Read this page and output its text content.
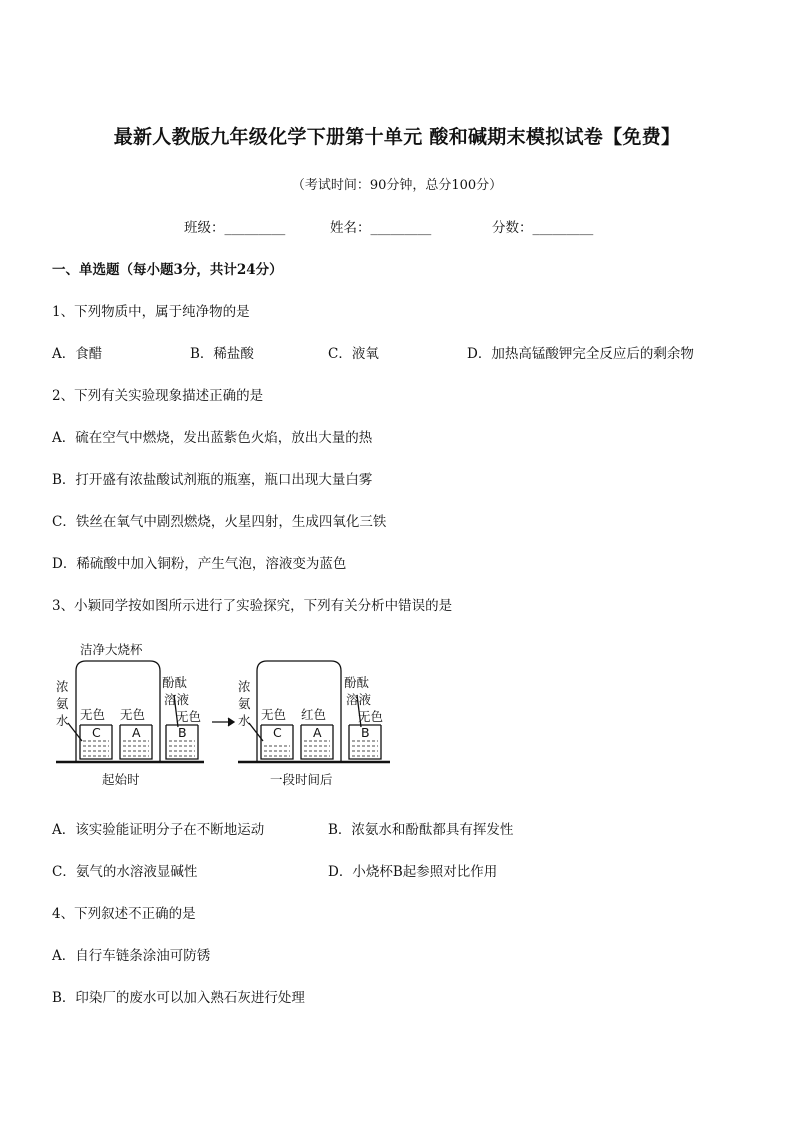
最新人教版九年级化学下册第十单元 酸和碱期末模拟试卷【免费】
（考试时间：90分钟，总分100分）
班级：_________	姓名：_________	分数：_________
一、单选题（每小题3分，共计24分）
1、下列物质中，属于纯净物的是
A．食醋	B．稀盐酸	C．液氧	D．加热高锰酸钾完全反应后的剩余物
2、下列有关实验现象描述正确的是
A．硫在空气中燃烧，发出蓝紫色火焰，放出大量的热
B．打开盛有浓盐酸试剂瓶的瓶塞，瓶口出现大量白雾
C．铁丝在氧气中剧烈燃烧，火星四射，生成四氧化三铁
D．稀硫酸中加入铜粉，产生气泡，溶液变为蓝色
3、小颖同学按如图所示进行了实验探究，下列有关分析中错误的是
洁净大烧杯
浓
氨
水 无色 无色
酚酞
溶液
无色
C	A	B
起始时
浓
氨
水 无色 红色
酚酞
溶液
无色
C	A	B
一段时间后
A．该实验能证明分子在不断地运动	B．浓氨水和酚酞都具有挥发性
C．氨气的水溶液显碱性	D．小烧杯B起参照对比作用
4、下列叙述不正确的是
A．自行车链条涂油可防锈
B．印染厂的废水可以加入熟石灰进行处理
